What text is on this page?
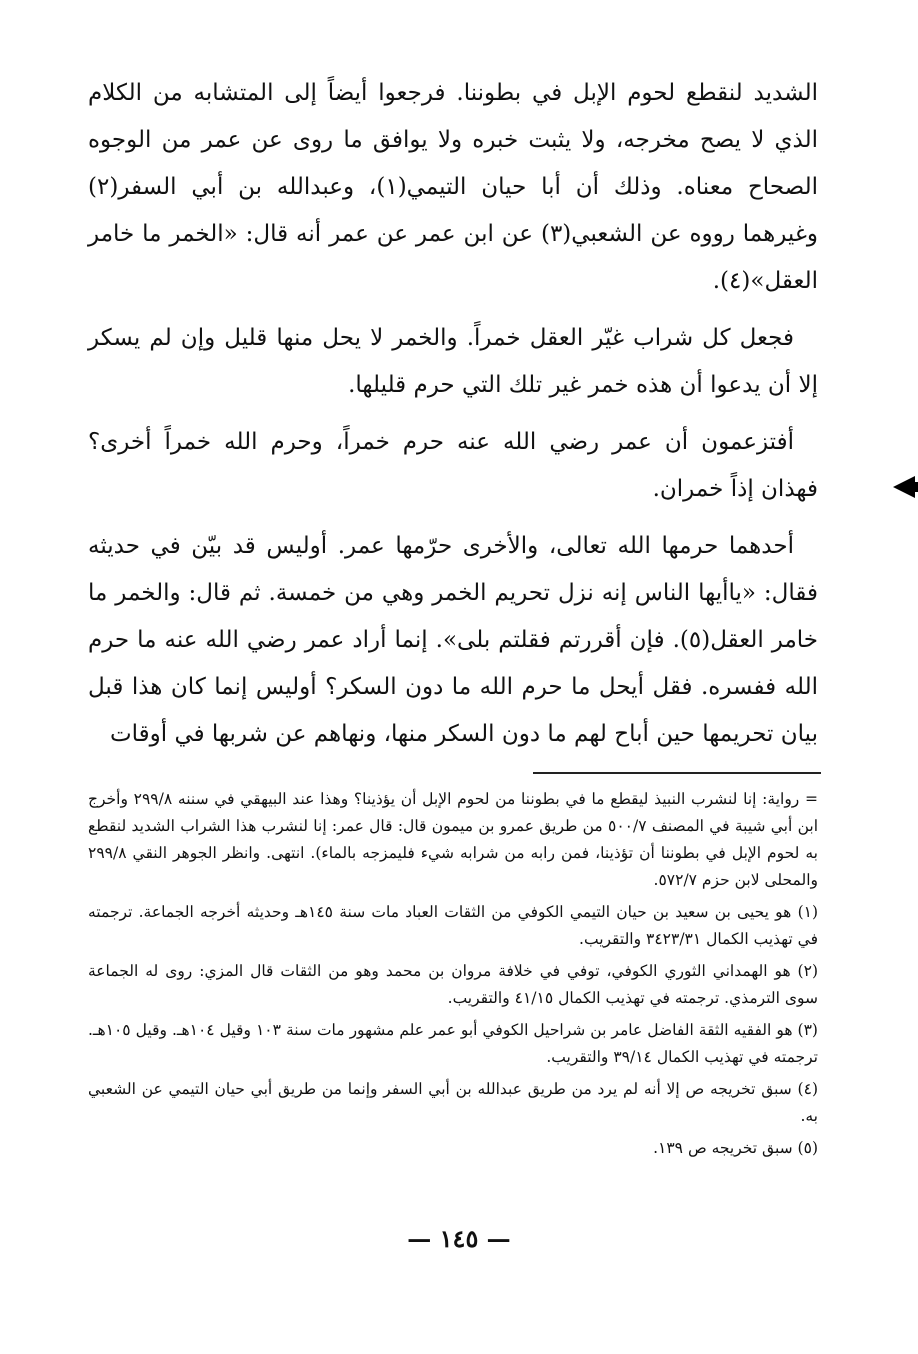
الشديد لنقطع لحوم الإبل في بطوننا. فرجعوا أيضاً إلى المتشابه من الكلام الذي لا يصح مخرجه، ولا يثبت خبره ولا يوافق ما روى عن عمر من الوجوه الصحاح معناه. وذلك أن أبا حيان التيمي(١)، وعبدالله بن أبي السفر(٢) وغيرهما رووه عن الشعبي(٣) عن ابن عمر عن عمر أنه قال: «الخمر ما خامر العقل»(٤).

فجعل كل شراب غيّر العقل خمراً. والخمر لا يحل منها قليل وإن لم يسكر إلا أن يدعوا أن هذه خمر غير تلك التي حرم قليلها.

أفتزعمون أن عمر رضي الله عنه حرم خمراً، وحرم الله خمراً أخرى؟ فهذان إذاً خمران.

أحدهما حرمها الله تعالى، والأخرى حرّمها عمر. أوليس قد بيّن في حديثه فقال: «ياأيها الناس إنه نزل تحريم الخمر وهي من خمسة. ثم قال: والخمر ما خامر العقل(٥). فإن أقررتم فقلتم بلى». إنما أراد عمر رضي الله عنه ما حرم الله ففسره. فقل أيحل ما حرم الله ما دون السكر؟ أوليس إنما كان هذا قبل بيان تحريمها حين أباح لهم ما دون السكر منها، ونهاهم عن شربها في أوقات

= رواية: إنا لنشرب النبيذ ليقطع ما في بطوننا من لحوم الإبل أن يؤذينا؟ وهذا عند البيهقي في سننه ٢٩٩/٨ وأخرج ابن أبي شيبة في المصنف ٥٠٠/٧ من طريق عمرو بن ميمون قال: قال عمر: إنا لنشرب هذا الشراب الشديد لنقطع به لحوم الإبل في بطوننا أن تؤذينا، فمن رابه من شرابه شيء فليمزجه بالماء). انتهى. وانظر الجوهر النقي ٢٩٩/٨ والمحلى لابن حزم ٥٧٢/٧.

(١) هو يحيى بن سعيد بن حيان التيمي الكوفي من الثقات العباد مات سنة ١٤٥هـ وحديثه أخرجه الجماعة. ترجمته في تهذيب الكمال ٣٤٢٣/٣١ والتقريب.

(٢) هو الهمداني الثوري الكوفي، توفي في خلافة مروان بن محمد وهو من الثقات قال المزي: روى له الجماعة سوى الترمذي. ترجمته في تهذيب الكمال ٤١/١٥ والتقريب.

(٣) هو الفقيه الثقة الفاضل عامر بن شراحيل الكوفي أبو عمر علم مشهور مات سنة ١٠٣ وقيل ١٠٤هـ. وقيل ١٠٥هـ. ترجمته في تهذيب الكمال ٣٩/١٤ والتقريب.

(٤) سبق تخريجه ص إلا أنه لم يرد من طريق عبدالله بن أبي السفر وإنما من طريق أبي حيان التيمي عن الشعبي به.

(٥) سبق تخريجه ص ١٣٩.

— ١٤٥ —
